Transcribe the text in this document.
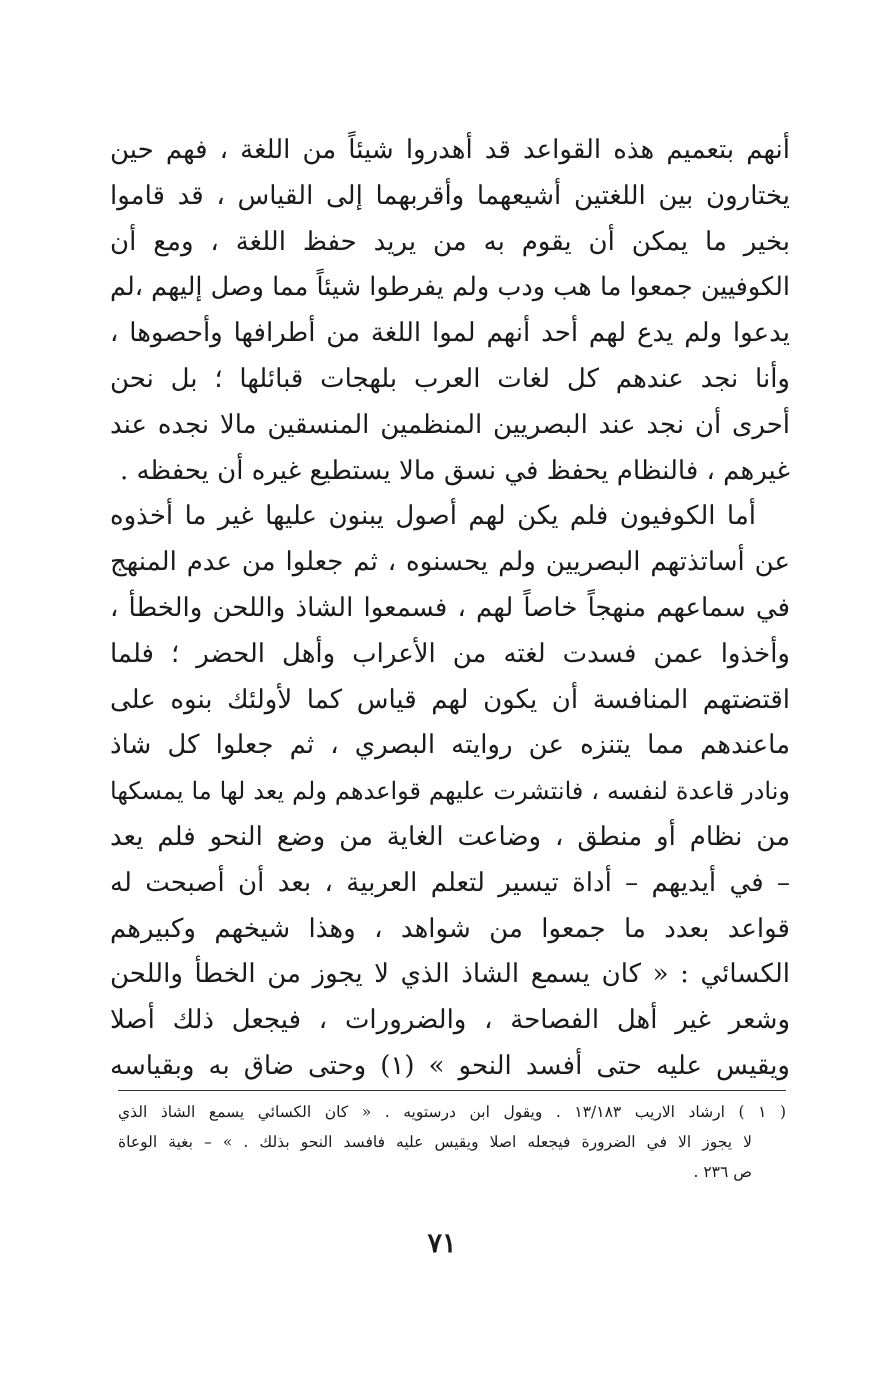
أنهم بتعميم هذه القواعد قد أهدروا شيئاً من اللغة ، فهم حين
يختارون بين اللغتين أشيعهما وأقربهما إلى القياس ، قد قاموا
بخير ما يمكن أن يقوم به من يريد حفظ اللغة ، ومع أن
الكوفيين جمعوا ما هب ودب ولم يفرطوا شيئاً مما وصل إليهم ،لم
يدعوا ولم يدع لهم أحد أنهم لموا اللغة من أطرافها وأحصوها ،
وأنا نجد عندهم كل لغات العرب بلهجات قبائلها ؛ بل نحن
أحرى أن نجد عند البصريين المنظمين المنسقين مالا نجده عند
غيرهم ، فالنظام يحفظ في نسق مالا يستطيع غيره أن يحفظه .
أما الكوفيون فلم يكن لهم أصول يبنون عليها غير ما أخذوه
عن أساتذتهم البصريين ولم يحسنوه ، ثم جعلوا من عدم المنهج
في سماعهم منهجاً خاصاً لهم ، فسمعوا الشاذ واللحن والخطأ ،
وأخذوا عمن فسدت لغته من الأعراب وأهل الحضر ؛ فلما
اقتضتهم المنافسة أن يكون لهم قياس كما لأولئك بنوه على
ماعندهم مما يتنزه عن روايته البصري ، ثم جعلوا كل شاذ
ونادر قاعدة لنفسه ، فانتشرت عليهم قواعدهم ولم يعد لها ما يمسكها
من نظام أو منطق ، وضاعت الغاية من وضع النحو فلم يعد
– في أيديهم – أداة تيسير لتعلم العربية ، بعد أن أصبحت له
قواعد بعدد ما جمعوا من شواهد ، وهذا شيخهم وكبيرهم
الكسائي : « كان يسمع الشاذ الذي لا يجوز من الخطأ واللحن
وشعر غير أهل الفصاحة ، والضرورات ، فيجعل ذلك أصلا
ويقيس عليه حتى أفسد النحو » (١) وحتى ضاق به وبقياسه
( ١ ) ارشاد الاريب ١٣/١٨٣ . ويقول ابن درستويه . « كان الكسائي يسمع الشاذ الذي
لا يجوز الا في الضرورة فيجعله اصلا ويقيس عليه فافسد النحو بذلك . » – بغية الوعاة
ص ٢٣٦ .
٧١
